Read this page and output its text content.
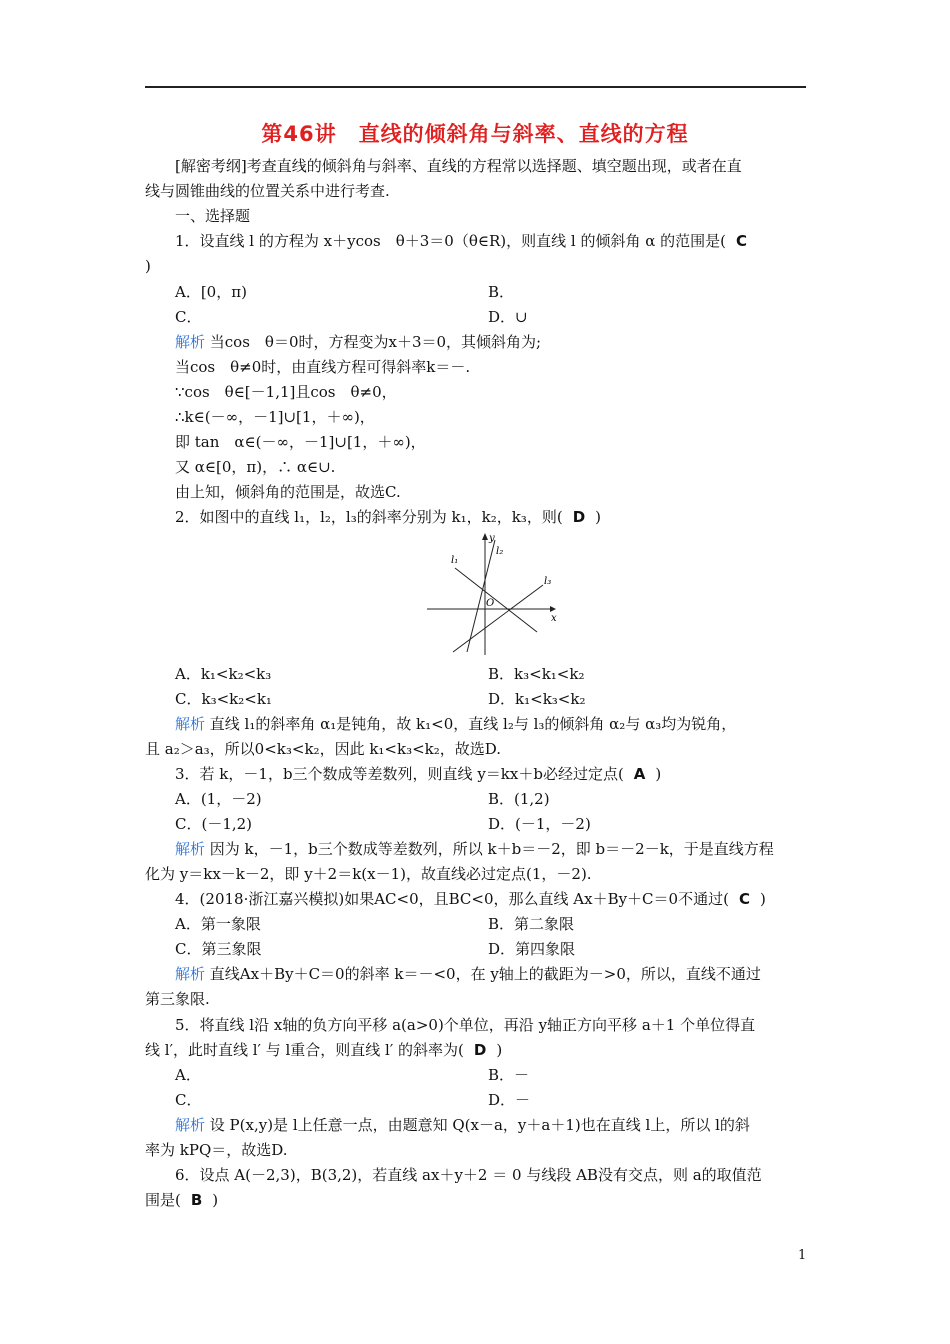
第46讲　直线的倾斜角与斜率、直线的方程
[解密考纲]考查直线的倾斜角与斜率、直线的方程常以选择题、填空题出现，或者在直
线与圆锥曲线的位置关系中进行考查.
一、选择题
1．设直线 l 的方程为 x＋ycos　θ＋3＝0（θ∈R)，则直线 l 的倾斜角 α 的范围是( C
)
A．[0，π)	B．
C．	D．∪
解析 当cos　θ＝0时，方程变为x＋3＝0，其倾斜角为;
当cos　θ≠0时，由直线方程可得斜率k＝－.
∵cos　θ∈[－1,1]且cos　θ≠0，
∴k∈(－∞，－1]∪[1，＋∞)，
即 tan　α∈(－∞，－1]∪[1，＋∞)，
又 α∈[0，π)，∴ α∈∪.
由上知，倾斜角的范围是，故选C.
2．如图中的直线 l₁，l₂，l₃的斜率分别为 k₁，k₂，k₃，则( D )
y
x
O
l₁
l₂
l₃
A．k₁<k₂<k₃	B．k₃<k₁<k₂
C．k₃<k₂<k₁	D．k₁<k₃<k₂
解析 直线 l₁的斜率角 α₁是钝角，故 k₁<0，直线 l₂与 l₃的倾斜角 α₂与 α₃均为锐角，
且 a₂＞a₃，所以0<k₃<k₂，因此 k₁<k₃<k₂，故选D.
3．若 k，－1，b三个数成等差数列，则直线 y＝kx＋b必经过定点( A )
A．(1，－2)	B．(1,2)
C．(－1,2)	D．(－1，－2)
解析 因为 k，－1，b三个数成等差数列，所以 k＋b＝－2，即 b＝－2－k，于是直线方程
化为 y＝kx－k－2，即 y＋2＝k(x－1)，故直线必过定点(1，－2).
4．(2018·浙江嘉兴模拟)如果AC<0，且BC<0，那么直线 Ax＋By＋C＝0不通过( C )
A．第一象限	B．第二象限
C．第三象限	D．第四象限
解析 直线Ax＋By＋C＝0的斜率 k＝－<0，在 y轴上的截距为－>0，所以，直线不通过
第三象限.
5．将直线 l沿 x轴的负方向平移 a(a>0)个单位，再沿 y轴正方向平移 a＋1 个单位得直
线 l′，此时直线 l′ 与 l重合，则直线 l′ 的斜率为( D )
A．	B．－
C．	D．－
解析 设 P(x,y)是 l上任意一点，由题意知 Q(x－a，y＋a＋1)也在直线 l上，所以 l的斜
率为 kPQ＝，故选D.
6．设点 A(－2,3)，B(3,2)，若直线 ax＋y＋2 ＝ 0 与线段 AB没有交点，则 a的取值范
围是( B )
1
